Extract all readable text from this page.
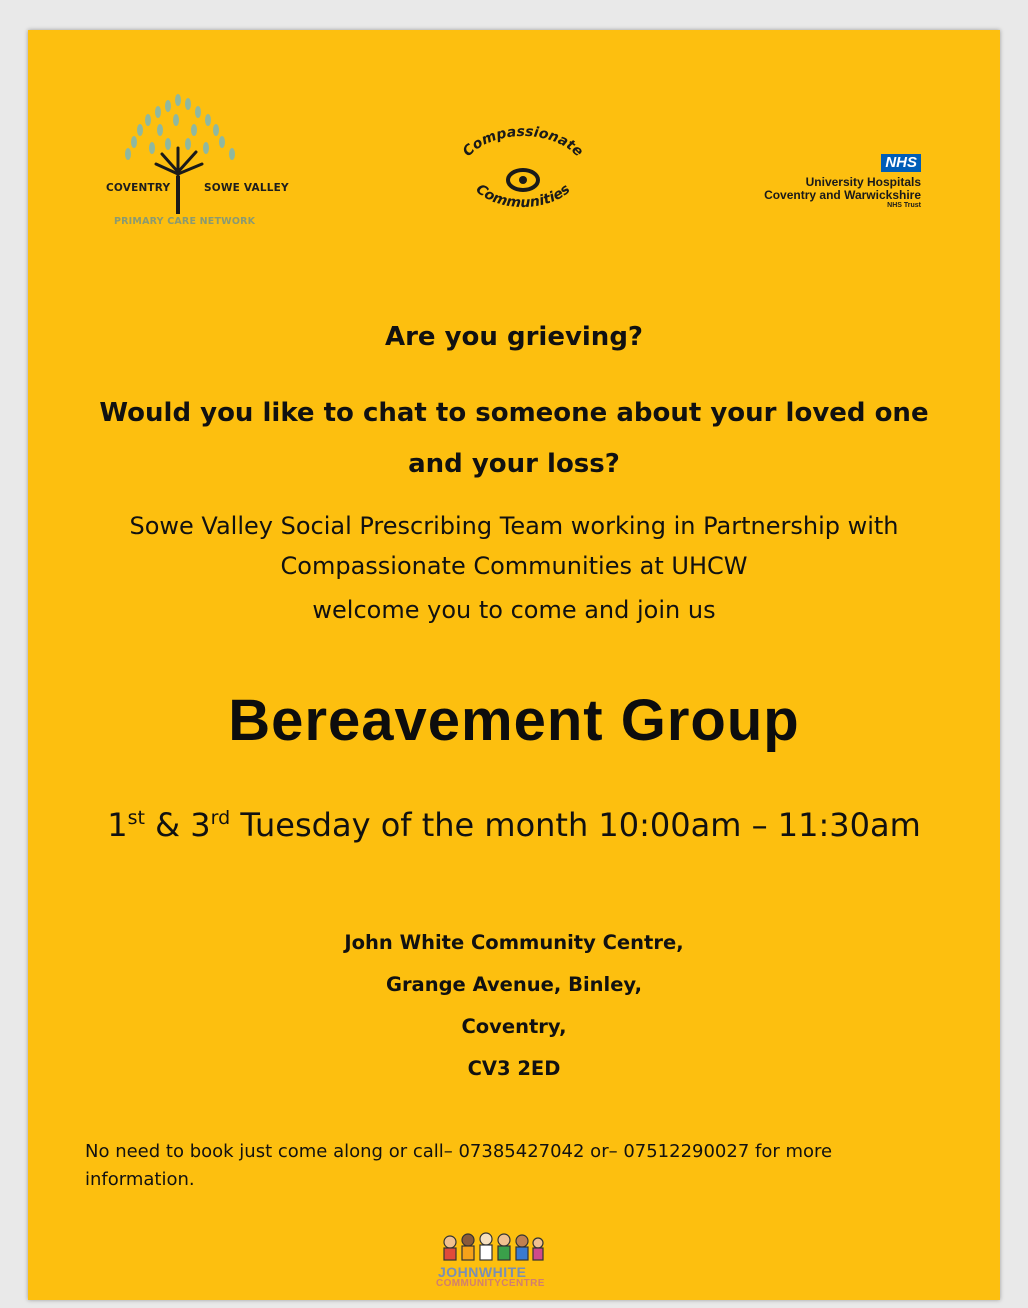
COVENTRY	SOWE VALLEY
PRIMARY CARE NETWORK
Compassionate
Communities
NHS
University Hospitals
Coventry and Warwickshire
NHS Trust
Are you grieving?
Would you like to chat to someone about your loved one and your loss?
Sowe Valley Social Prescribing Team working in Partnership with Compassionate Communities at UHCW
welcome you to come and join us
Bereavement Group
1st & 3rd Tuesday of the month 10:00am – 11:30am
John White Community Centre,
Grange Avenue, Binley,
Coventry,
CV3 2ED
No need to book just come along or call– 07385427042 or– 07512290027 for more information.
JOHNWHITE
COMMUNITYCENTRE
